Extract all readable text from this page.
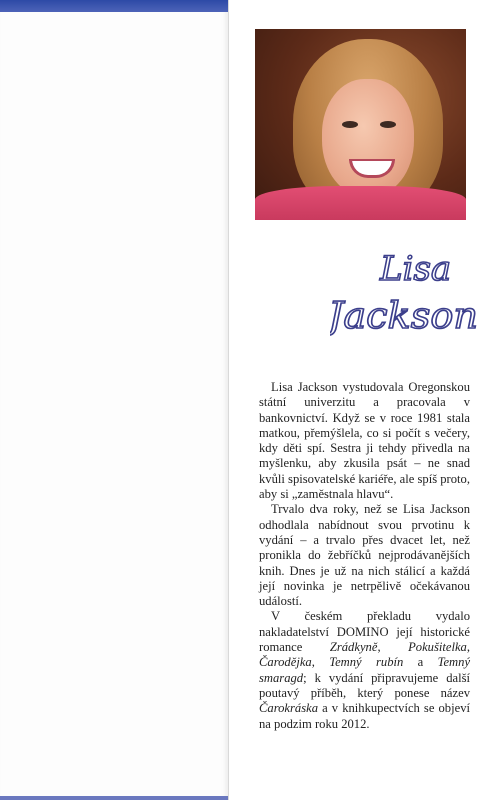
Lisa
Jackson

Lisa Jackson vystudovala Oregonskou státní univerzitu a pracovala v bankovnictví. Když se v roce 1981 stala matkou, přemýšlela, co si počít s večery, kdy děti spí. Sestra ji tehdy přivedla na myšlenku, aby zkusila psát – ne snad kvůli spisovatelské kariéře, ale spíš proto, aby si „zaměstnala hlavu“.

Trvalo dva roky, než se Lisa Jackson odhodlala nabídnout svou prvotinu k vydání – a trvalo přes dvacet let, než pronikla do žebříčků nejprodávanějších knih. Dnes je už na nich stálicí a každá její novinka je netrpělivě očekávanou událostí.

V českém překladu vydalo nakladatelství DOMINO její historické romance Zrádkyně, Pokušitelka, Čarodějka, Temný rubín a Temný smaragd; k vydání připravujeme další poutavý příběh, který ponese název Čarokráska a v knihkupectvích se objeví na podzim roku 2012.
